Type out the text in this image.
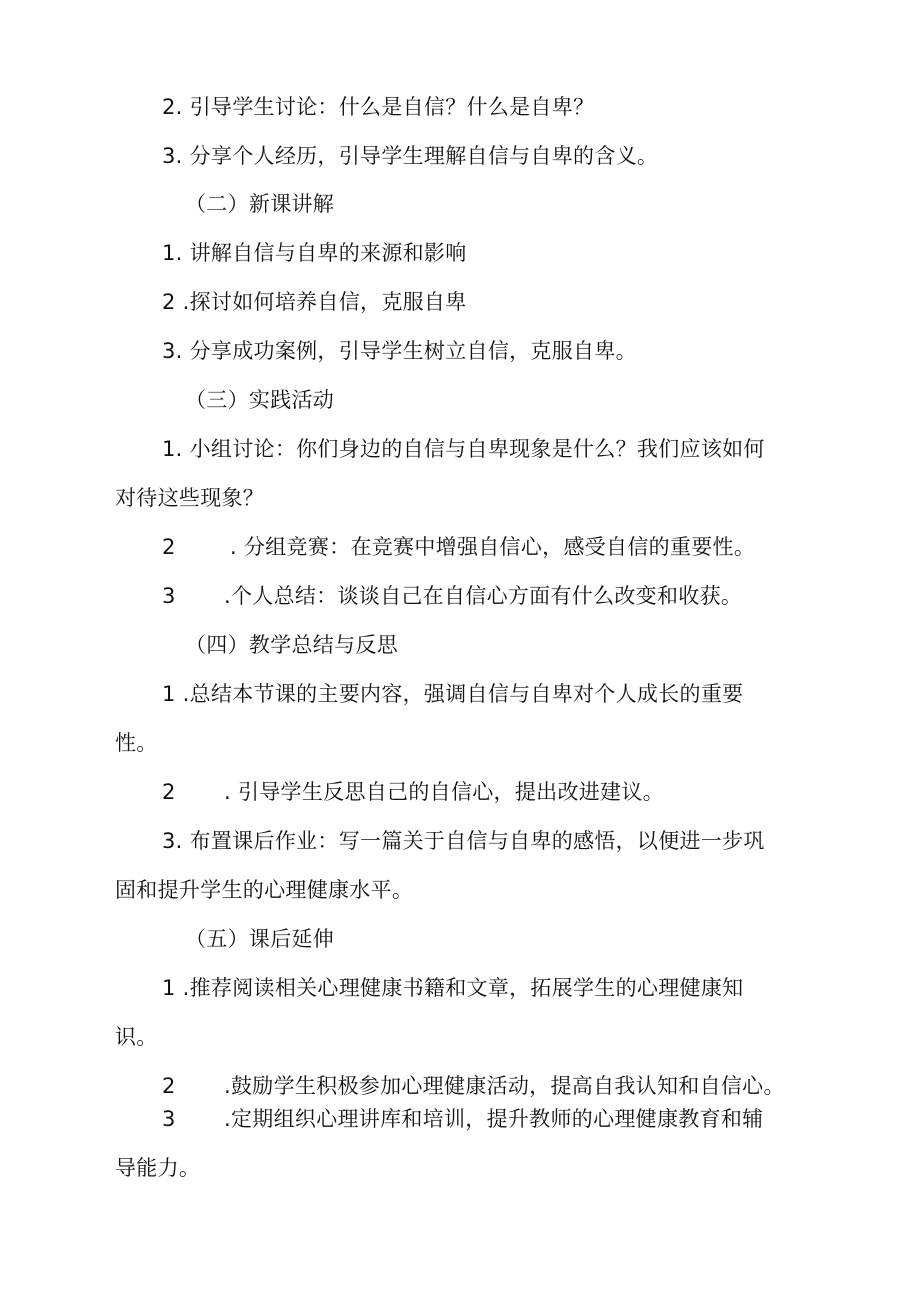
2. 引导学生讨论：什么是自信？什么是自卑？
3. 分享个人经历，引导学生理解自信与自卑的含义。
（二）新课讲解
1. 讲解自信与自卑的来源和影响
2 .探讨如何培养自信，克服自卑
3. 分享成功案例，引导学生树立自信，克服自卑。
（三）实践活动
1. 小组讨论：你们身边的自信与自卑现象是什么？我们应该如何
对待这些现象？
2	. 分组竞赛：在竞赛中增强自信心，感受自信的重要性。
3 .个人总结：谈谈自己在自信心方面有什么改变和收获。
（四）教学总结与反思
1 .总结本节课的主要内容，强调自信与自卑对个人成长的重要
性。
2 . 引导学生反思自己的自信心，提出改进建议。
3. 布置课后作业：写一篇关于自信与自卑的感悟，以便进一步巩
固和提升学生的心理健康水平。
（五）课后延伸
1 .推荐阅读相关心理健康书籍和文章，拓展学生的心理健康知
识。
2 .鼓励学生积极参加心理健康活动，提高自我认知和自信心。
3 .定期组织心理讲库和培训，提升教师的心理健康教育和辅
导能力。
